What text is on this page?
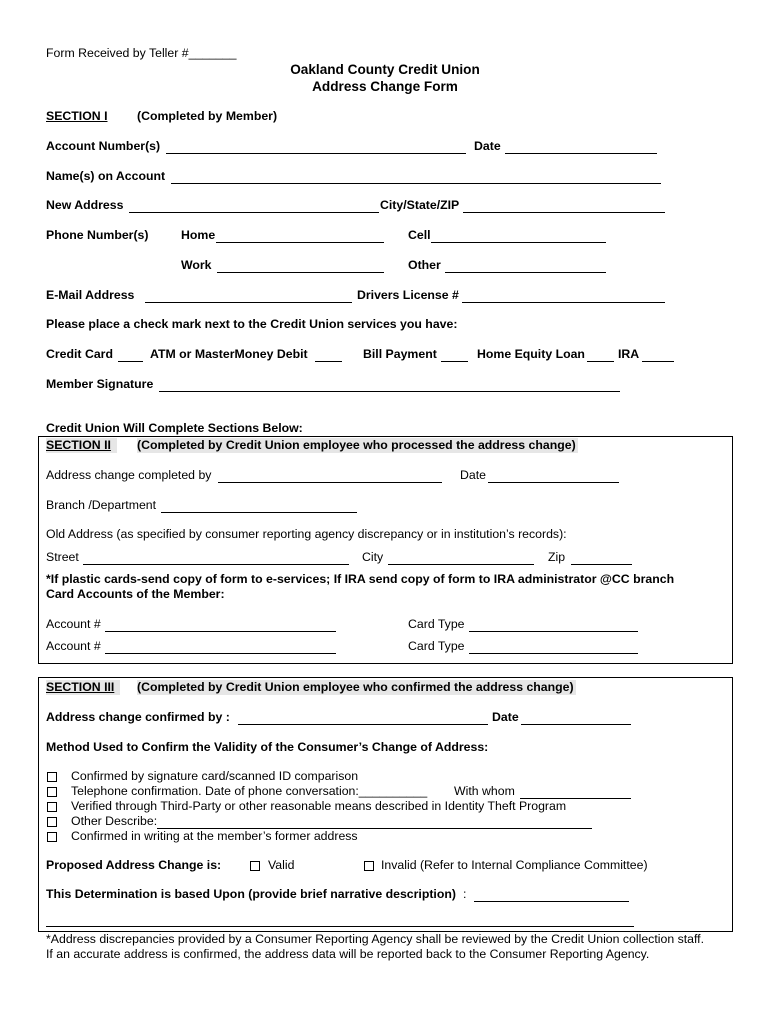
Form Received by Teller #_______
Oakland County Credit Union
Address Change Form
SECTION I (Completed by Member)
Account Number(s)	Date
Name(s) on Account
New Address	City/State/ZIP
Phone Number(s)	Home	Cell
Work	Other
E-Mail Address	Drivers License #
Please place a check mark next to the Credit Union services you have:
Credit Card	ATM or MasterMoney Debit	Bill Payment	Home Equity Loan	IRA
Member Signature
Credit Union Will Complete Sections Below:
SECTION II	(Completed by Credit Union employee who processed the address change)
Address change completed by	Date
Branch /Department
Old Address (as specified by consumer reporting agency discrepancy or in institution’s records):
Street	City	Zip
*If plastic cards-send copy of form to e-services; If IRA send copy of form to IRA administrator @CC branch
Card Accounts of the Member:
Account #	Card Type
Account #	Card Type
SECTION III	(Completed by Credit Union employee who confirmed the address change)
Address change confirmed by :	Date
Method Used to Confirm the Validity of the Consumer’s Change of Address:
Confirmed by signature card/scanned ID comparison
Telephone confirmation. Date of phone conversation:__________ With whom
Verified through Third-Party or other reasonable means described in Identity Theft Program
Other Describe:
Confirmed in writing at the member’s former address
Proposed Address Change is:	Valid	Invalid (Refer to Internal Compliance Committee)
This Determination is based Upon (provide brief narrative description) :
*Address discrepancies provided by a Consumer Reporting Agency shall be reviewed by the Credit Union collection staff.
If an accurate address is confirmed, the address data will be reported back to the Consumer Reporting Agency.
